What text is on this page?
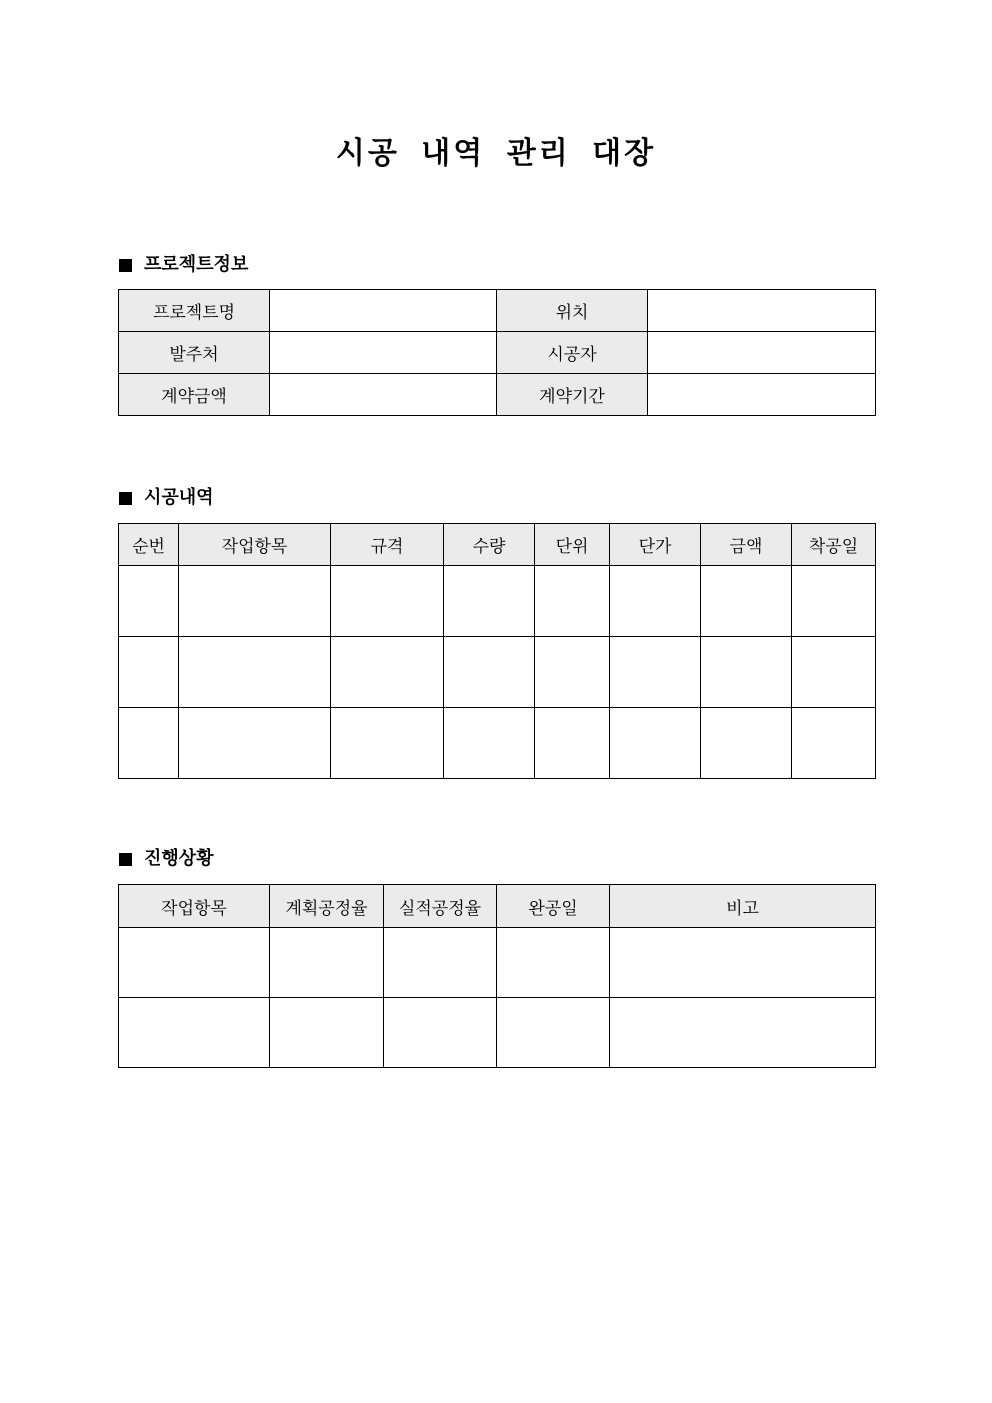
시공 내역 관리 대장
프로젝트정보
프로젝트명		위치	
발주처		시공자	
계약금액		계약기간	
시공내역
순번	작업항목	규격	수량	단위	단가	금액	착공일

진행상황
작업항목	계획공정율	실적공정율	완공일	비고
